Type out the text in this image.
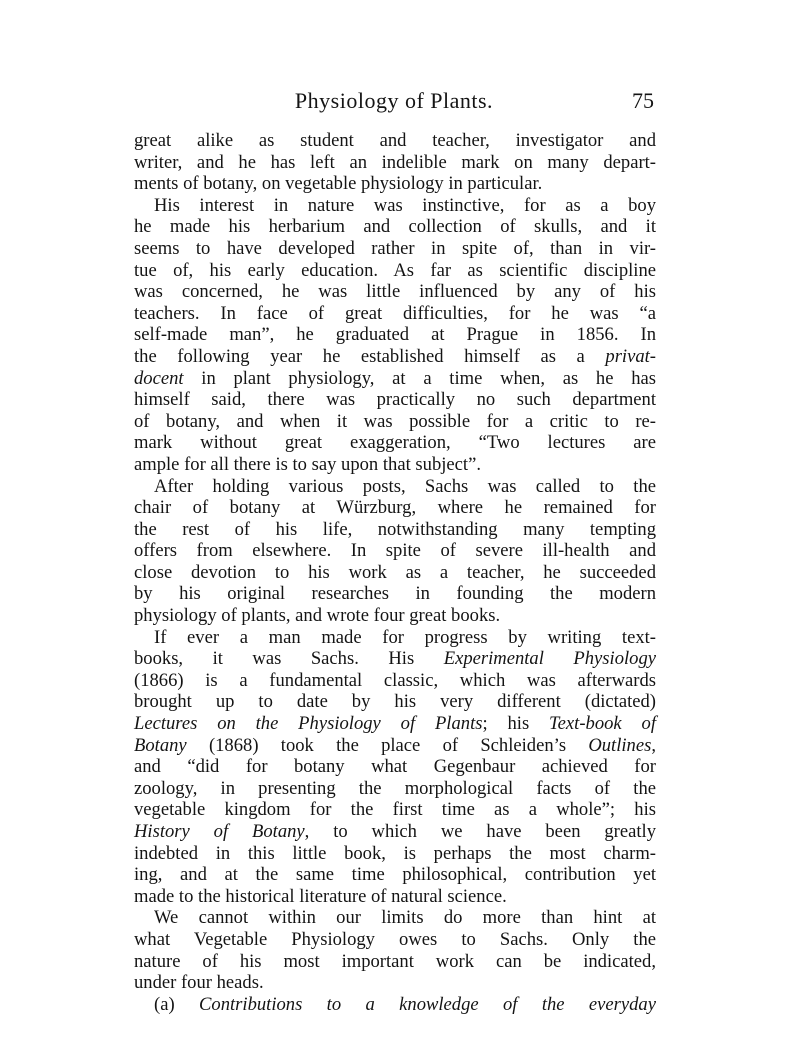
Physiology of Plants.	75
great alike as student and teacher, investigator and
writer, and he has left an indelible mark on many depart-
ments of botany, on vegetable physiology in particular.
His interest in nature was instinctive, for as a boy
he made his herbarium and collection of skulls, and it
seems to have developed rather in spite of, than in vir-
tue of, his early education. As far as scientific discipline
was concerned, he was little influenced by any of his
teachers. In face of great difficulties, for he was “a
self-made man”, he graduated at Prague in 1856. In
the following year he established himself as a privat-
docent in plant physiology, at a time when, as he has
himself said, there was practically no such department
of botany, and when it was possible for a critic to re-
mark without great exaggeration, “Two lectures are
ample for all there is to say upon that subject”.
After holding various posts, Sachs was called to the
chair of botany at Würzburg, where he remained for
the rest of his life, notwithstanding many tempting
offers from elsewhere. In spite of severe ill-health and
close devotion to his work as a teacher, he succeeded
by his original researches in founding the modern
physiology of plants, and wrote four great books.
If ever a man made for progress by writing text-
books, it was Sachs. His Experimental Physiology
(1866) is a fundamental classic, which was afterwards
brought up to date by his very different (dictated)
Lectures on the Physiology of Plants; his Text-book of
Botany (1868) took the place of Schleiden’s Outlines,
and “did for botany what Gegenbaur achieved for
zoology, in presenting the morphological facts of the
vegetable kingdom for the first time as a whole”; his
History of Botany, to which we have been greatly
indebted in this little book, is perhaps the most charm-
ing, and at the same time philosophical, contribution yet
made to the historical literature of natural science.
We cannot within our limits do more than hint at
what Vegetable Physiology owes to Sachs. Only the
nature of his most important work can be indicated,
under four heads.
(a) Contributions to a knowledge of the everyday
